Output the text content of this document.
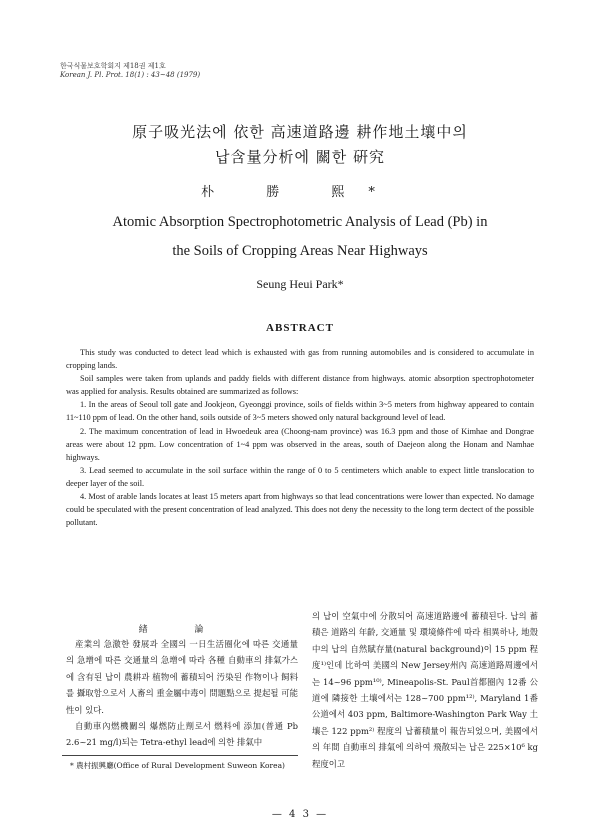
한국식물보호학회지 제18권 제1호
Korean J. Pl. Prot. 18(1) : 43~48 (1979)
原子吸光法에 依한 高速道路邊 耕作地土壤中의
납含量分析에 關한 硏究
朴 勝 熙*
Atomic Absorption Spectrophotometric Analysis of Lead (Pb) in
the Soils of Cropping Areas Near Highways
Seung Heui Park*
ABSTRACT

This study was conducted to detect lead which is exhausted with gas from running automobiles and is considered to accumulate in cropping lands.

Soil samples were taken from uplands and paddy fields with different distance from highways. atomic absorption spectrophotometer was applied for analysis. Results obtained are summarized as follows:

1. In the areas of Seoul toll gate and Jookjeon, Gyeonggi province, soils of fields within 3~5 meters from highway appeared to contain 11~110 ppm of lead. On the other hand, soils outside of 3~5 meters showed only natural background level of lead.

2. The maximum concentration of lead in Hwoedeuk area (Choong-nam province) was 16.3 ppm and those of Kimhae and Dongrae areas were about 12 ppm. Low concentration of 1~4 ppm was observed in the areas, south of Daejeon along the Honam and Namhae highways.

3. Lead seemed to accumulate in the soil surface within the range of 0 to 5 centimeters which anable to expect little translocation to deeper layer of the soil.

4. Most of arable lands locates at least 15 meters apart from highways so that lead concentrations were lower than expected. No damage could be speculated with the present concentration of lead analyzed. This does not deny the necessity to the long term dectect of the possible pollutant.

緖 論

産業의 急激한 發展과 全國의 一日生活圈化에 따른 交通量의 急增에 따른 交通量의 急增에 따라 各種 自動車의 排氣가스에 含有된 납이 農耕과 植物에 蓄積되어 汚染된 作物이나 飼料를 攝取함으로서 人畜의 重金屬中毒이 問題點으로 提起될 可能性이 있다.

自動車內燃機關의 爆燃防止劑로서 燃料에 添加(普通 Pb 2.6~21 mg/l)되는 Tetra-ethyl lead에 의한 排氣中

의 납이 空氣中에 分散되어 高速道路邊에 蓄積된다. 납의 蓄積은 道路의 年齡, 交通量 및 環境條件에 따라 相異하나, 地殼中의 납의 自然賦存量(natural background)이 15 ppm 程度¹⁾인데 比하여 美國의 New Jersey州內 高速道路周邊에서는 14~96 ppm¹⁰⁾, Mineapolis-St. Paul首都圈內 12番 公道에 隣接한 土壤에서는 128~700 ppm¹²⁾, Maryland 1番 公道에서 403 ppm, Baltimore-Washington Park Way 土壤은 122 ppm²⁾ 程度의 납蓄積量이 報告되었으며, 美國에서의 年間 自動車의 排氣에 의하여 飛散되는 납은 225×10⁶ kg 程度이고

* 農村振興廳(Office of Rural Development Suweon Korea)
— 4 3 —
